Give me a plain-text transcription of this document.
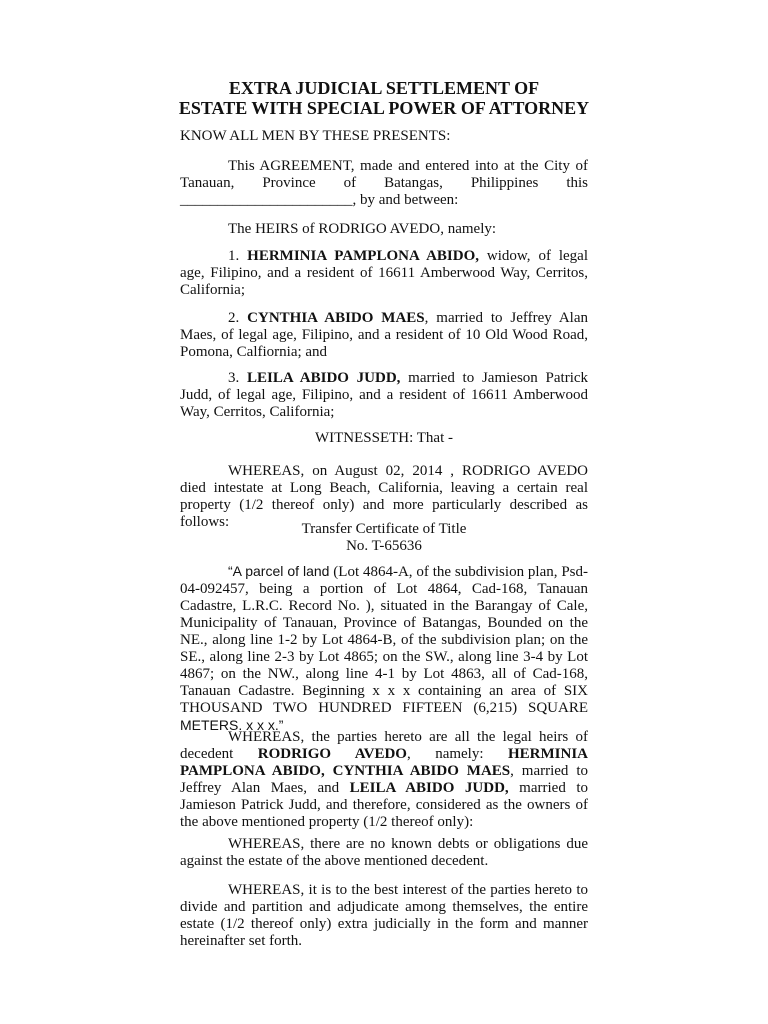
EXTRA JUDICIAL SETTLEMENT OF
ESTATE WITH SPECIAL POWER OF ATTORNEY
KNOW ALL MEN BY THESE PRESENTS:
This AGREEMENT, made and entered into at the City of Tanauan, Province of Batangas, Philippines this _______________________, by and between:
The HEIRS of RODRIGO AVEDO, namely:
1. HERMINIA PAMPLONA ABIDO, widow, of legal age, Filipino, and a resident of 16611 Amberwood Way, Cerritos, California;
2. CYNTHIA ABIDO MAES, married to Jeffrey Alan Maes, of legal age, Filipino, and a resident of 10 Old Wood Road, Pomona, Calfiornia; and
3. LEILA ABIDO JUDD, married to Jamieson Patrick Judd, of legal age, Filipino, and a resident of 16611 Amberwood Way, Cerritos, California;
WITNESSETH: That -
WHEREAS, on August 02, 2014 , RODRIGO AVEDO died intestate at Long Beach, California, leaving a certain real property (1/2 thereof only) and more particularly described as follows:	Transfer Certificate of Title
No. T-65636
“A parcel of land (Lot 4864-A, of the subdivision plan, Psd-04-092457, being a portion of Lot 4864, Cad-168, Tanauan Cadastre, L.R.C. Record No. ), situated in the Barangay of Cale, Municipality of Tanauan, Province of Batangas, Bounded on the NE., along line 1-2 by Lot 4864-B, of the subdivision plan; on the SE., along line 2-3 by Lot 4865; on the SW., along line 3-4 by Lot 4867; on the NW., along line 4-1 by Lot 4863, all of Cad-168, Tanauan Cadastre. Beginning x x x containing an area of SIX THOUSAND TWO HUNDRED FIFTEEN (6,215) SQUARE METERS. x x x.”
WHEREAS, the parties hereto are all the legal heirs of decedent RODRIGO AVEDO, namely: HERMINIA PAMPLONA ABIDO, CYNTHIA ABIDO MAES, married to Jeffrey Alan Maes, and LEILA ABIDO JUDD, married to Jamieson Patrick Judd, and therefore, considered as the owners of the above mentioned property (1/2 thereof only):
WHEREAS, there are no known debts or obligations due against the estate of the above mentioned decedent.
WHEREAS, it is to the best interest of the parties hereto to divide and partition and adjudicate among themselves, the entire estate (1/2 thereof only) extra judicially in the form and manner hereinafter set forth.
